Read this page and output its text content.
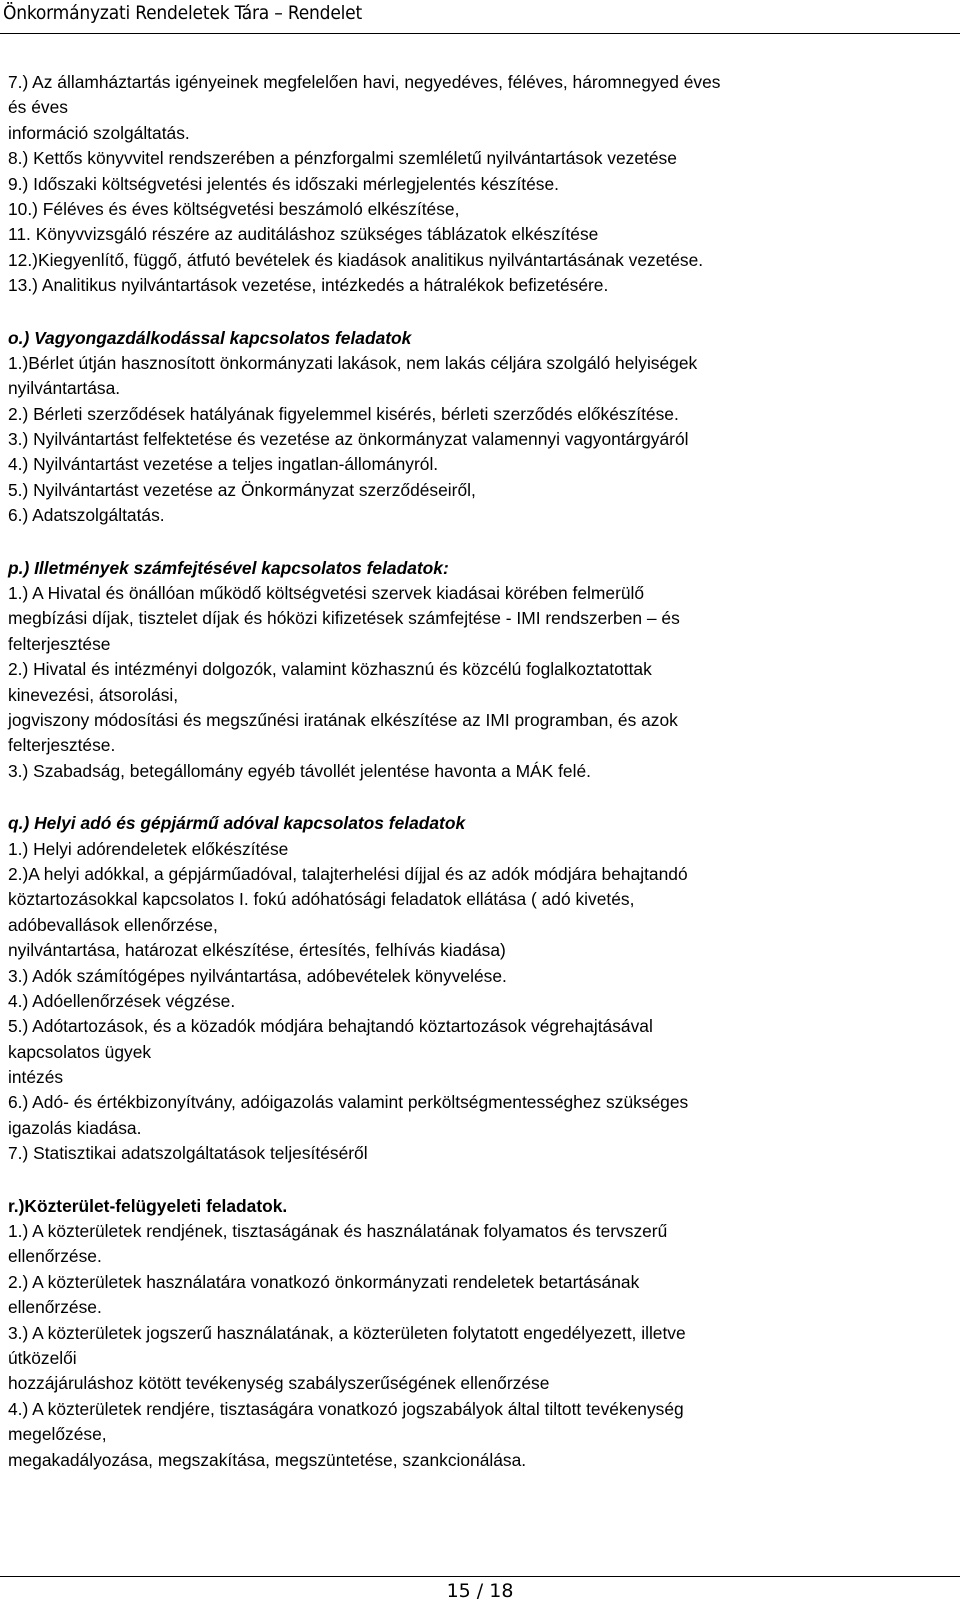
Önkormányzati Rendeletek Tára – Rendelet
7.) Az államháztartás igényeinek megfelelően havi, negyedéves, féléves, háromnegyed éves
és éves
információ szolgáltatás.
8.) Kettős könyvvitel rendszerében a pénzforgalmi szemléletű nyilvántartások vezetése
9.) Időszaki költségvetési jelentés és időszaki mérlegjelentés készítése.
10.) Féléves és éves költségvetési beszámoló elkészítése,
11. Könyvvizsgáló részére az auditáláshoz szükséges táblázatok elkészítése
12.)Kiegyenlítő, függő, átfutó bevételek és kiadások analitikus nyilvántartásának vezetése.
13.) Analitikus nyilvántartások vezetése, intézkedés a hátralékok befizetésére.
o.) Vagyongazdálkodással kapcsolatos feladatok
1.)Bérlet útján hasznosított önkormányzati lakások, nem lakás céljára szolgáló helyiségek
nyilvántartása.
2.) Bérleti szerződések hatályának figyelemmel kisérés, bérleti szerződés előkészítése.
3.) Nyilvántartást felfektetése és vezetése az önkormányzat valamennyi vagyontárgyáról
4.) Nyilvántartást vezetése a teljes ingatlan-állományról.
5.) Nyilvántartást vezetése az Önkormányzat szerződéseiről,
6.) Adatszolgáltatás.
p.) Illetmények számfejtésével kapcsolatos feladatok:
1.) A Hivatal és önállóan működő költségvetési szervek kiadásai körében felmerülő
megbízási díjak, tisztelet díjak és hóközi kifizetések számfejtése - IMI rendszerben – és
felterjesztése
2.) Hivatal és intézményi dolgozók, valamint közhasznú és közcélú foglalkoztatottak
kinevezési, átsorolási,
jogviszony módosítási és megszűnési iratának elkészítése az IMI programban, és azok
felterjesztése.
3.) Szabadság, betegállomány egyéb távollét jelentése havonta a MÁK felé.
q.) Helyi adó és gépjármű adóval kapcsolatos feladatok
1.) Helyi adórendeletek előkészítése
2.)A helyi adókkal, a gépjárműadóval, talajterhelési díjjal és az adók módjára behajtandó
köztartozásokkal kapcsolatos I. fokú adóhatósági feladatok ellátása ( adó kivetés,
adóbevallások ellenőrzése,
nyilvántartása, határozat elkészítése, értesítés, felhívás kiadása)
3.) Adók számítógépes nyilvántartása, adóbevételek könyvelése.
4.) Adóellenőrzések végzése.
5.) Adótartozások, és a közadók módjára behajtandó köztartozások végrehajtásával
kapcsolatos ügyek
intézés
6.) Adó- és értékbizonyítvány, adóigazolás valamint perköltségmentességhez szükséges
igazolás kiadása.
7.) Statisztikai adatszolgáltatások teljesítéséről
r.)Közterület-felügyeleti feladatok.
1.) A közterületek rendjének, tisztaságának és használatának folyamatos és tervszerű
ellenőrzése.
2.) A közterületek használatára vonatkozó önkormányzati rendeletek betartásának
ellenőrzése.
3.) A közterületek jogszerű használatának, a közterületen folytatott engedélyezett, illetve
útközelői
hozzájáruláshoz kötött tevékenység szabályszerűségének ellenőrzése
4.) A közterületek rendjére, tisztaságára vonatkozó jogszabályok által tiltott tevékenység
megelőzése,
megakadályozása, megszakítása, megszüntetése, szankcionálása.
15 / 18
